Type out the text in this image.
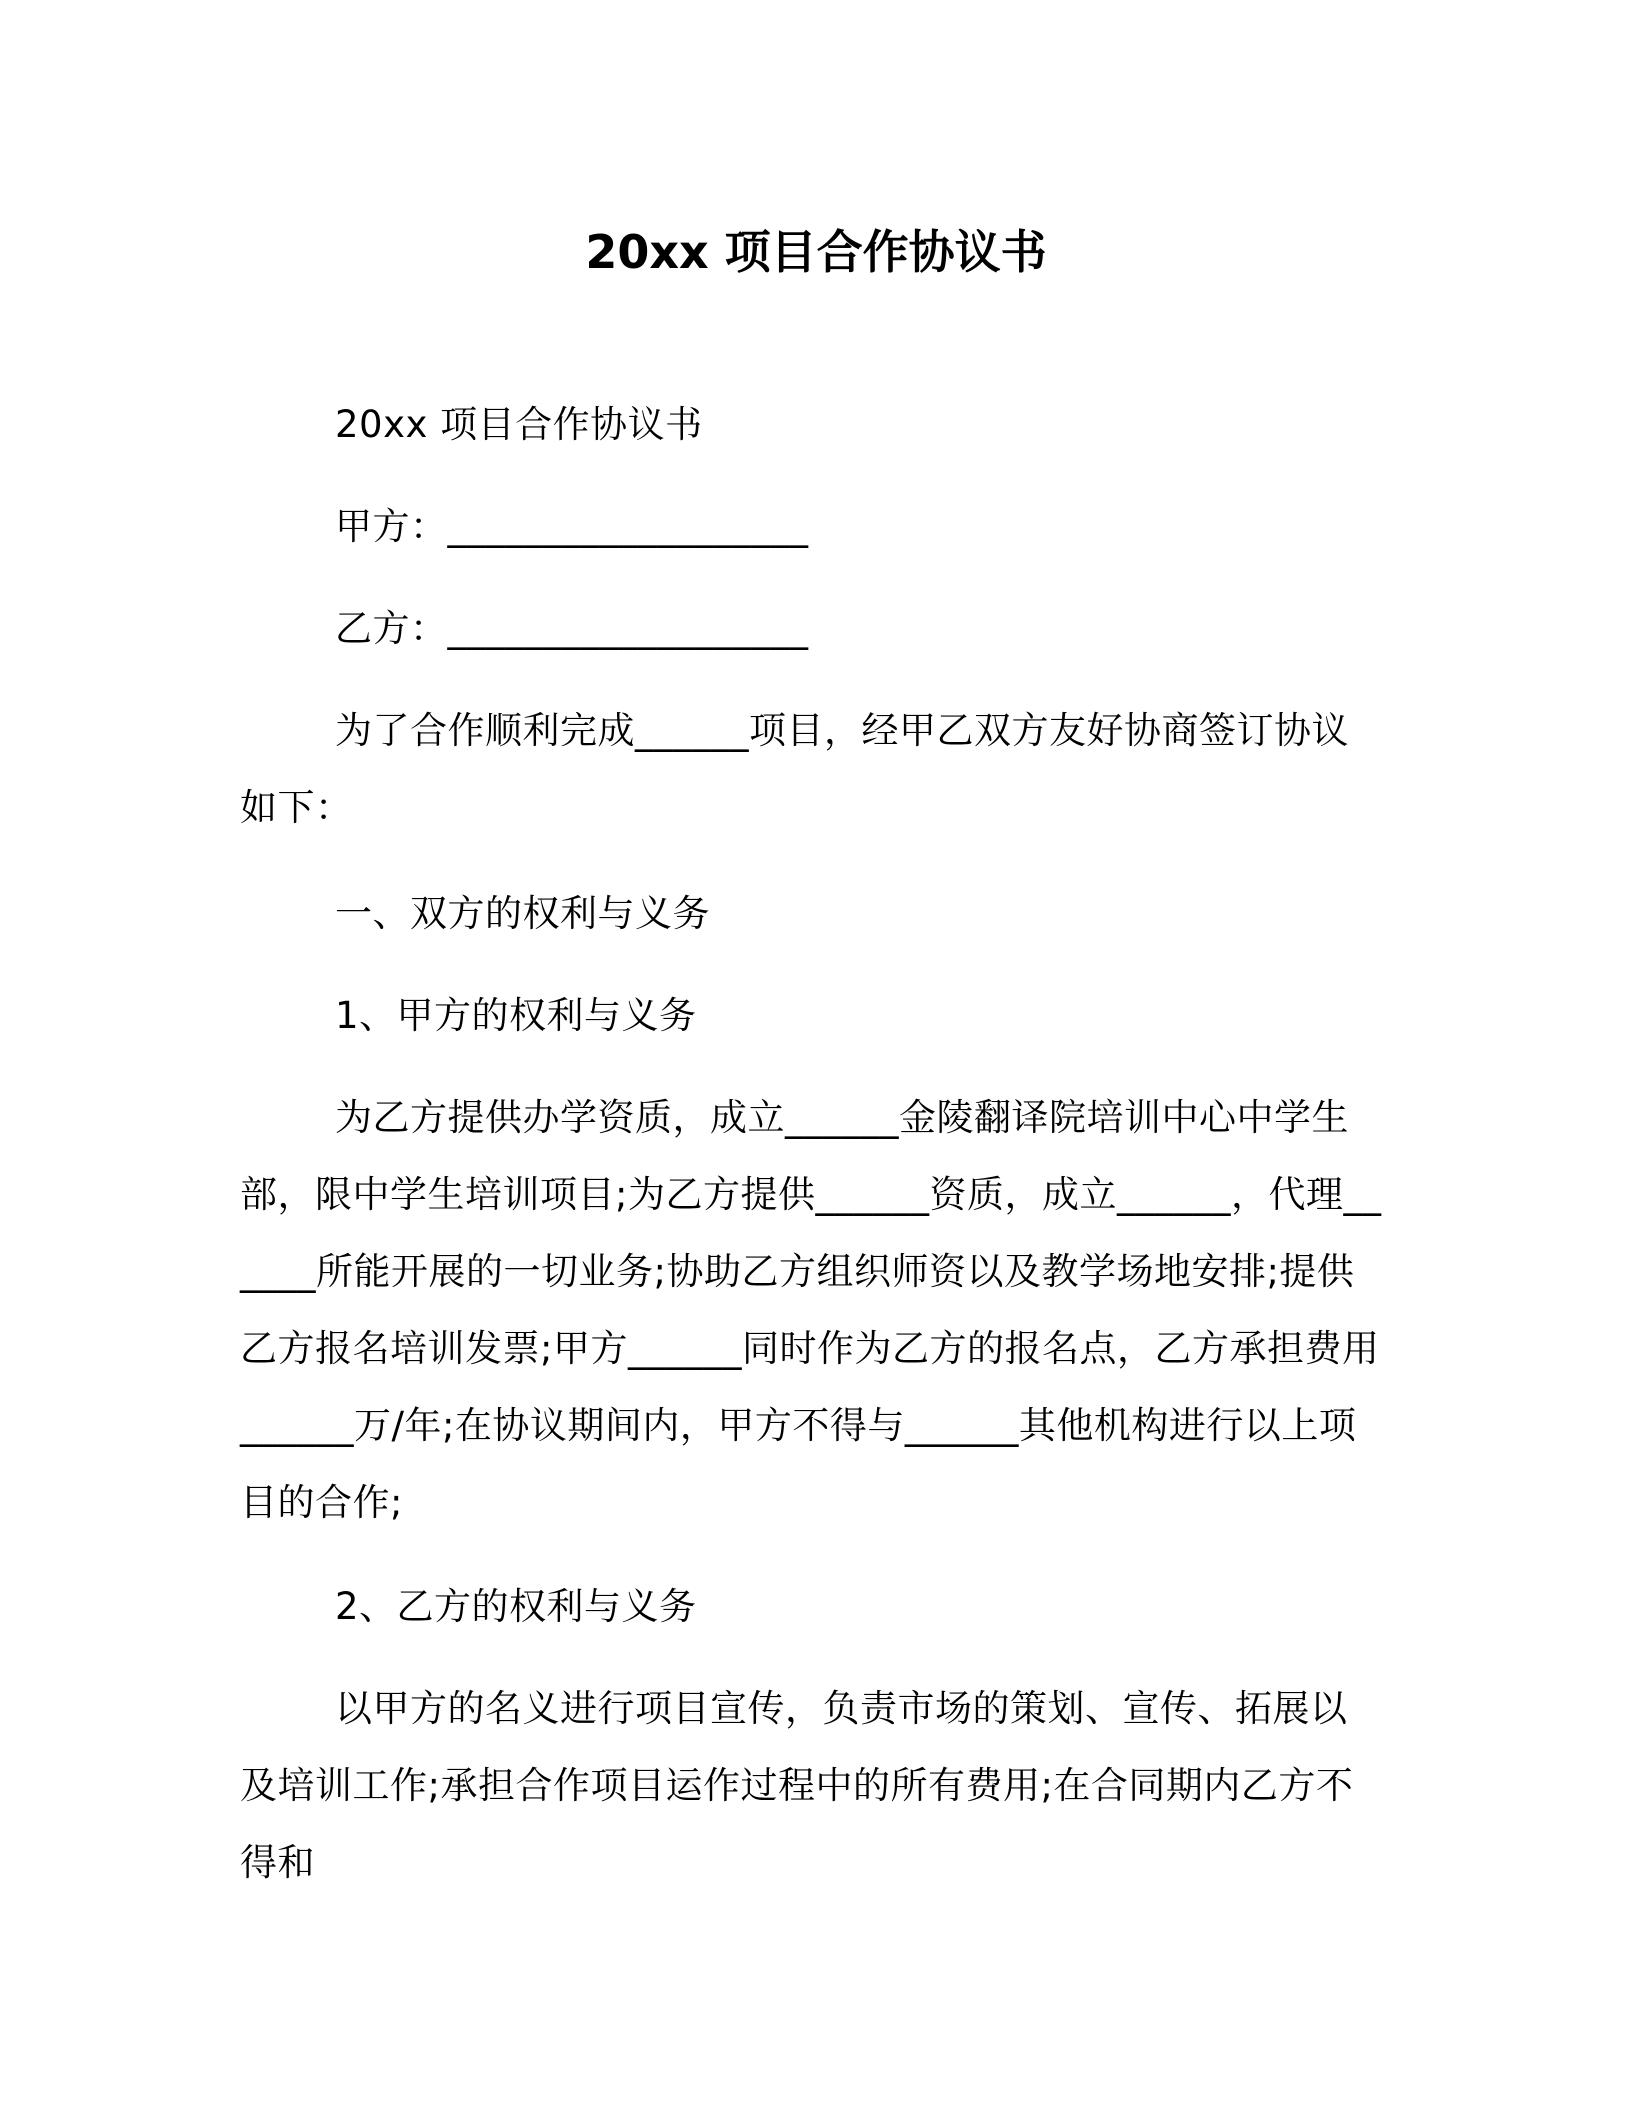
20xx 项目合作协议书

20xx 项目合作协议书

甲方：___________________

乙方：___________________

为了合作顺利完成______项目，经甲乙双方友好协商签订协议如下：

一、双方的权利与义务

1、甲方的权利与义务

为乙方提供办学资质，成立______金陵翻译院培训中心中学生部，限中学生培训项目;为乙方提供______资质，成立______，代理______所能开展的一切业务;协助乙方组织师资以及教学场地安排;提供乙方报名培训发票;甲方______同时作为乙方的报名点，乙方承担费用______万/年;在协议期间内，甲方不得与______其他机构进行以上项目的合作;

2、乙方的权利与义务

以甲方的名义进行项目宣传，负责市场的策划、宣传、拓展以及培训工作;承担合作项目运作过程中的所有费用;在合同期内乙方不得和
